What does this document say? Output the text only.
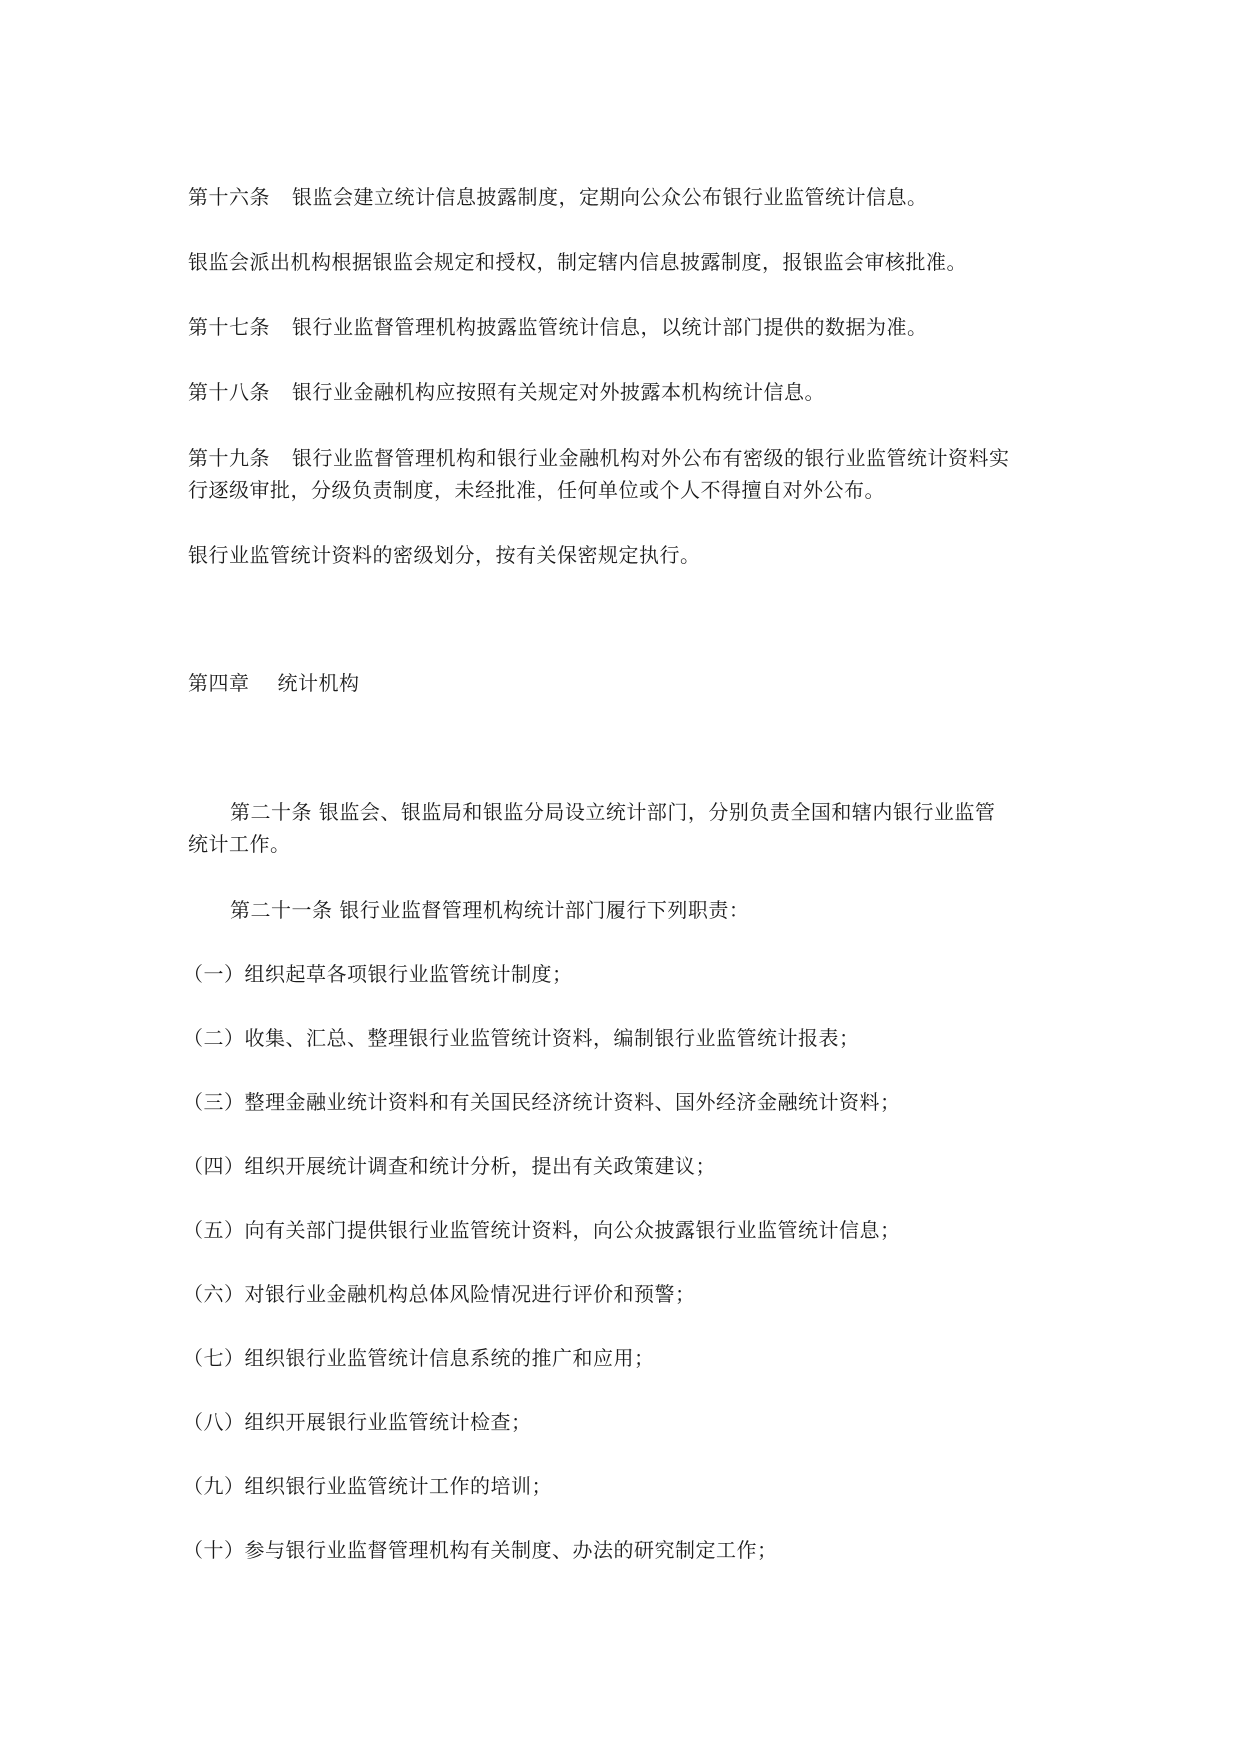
第十六条 银监会建立统计信息披露制度，定期向公众公布银行业监管统计信息。
银监会派出机构根据银监会规定和授权，制定辖内信息披露制度，报银监会审核批准。
第十七条 银行业监督管理机构披露监管统计信息，以统计部门提供的数据为准。
第十八条 银行业金融机构应按照有关规定对外披露本机构统计信息。
第十九条 银行业监督管理机构和银行业金融机构对外公布有密级的银行业监管统计资料实
行逐级审批，分级负责制度，未经批准，任何单位或个人不得擅自对外公布。
银行业监管统计资料的密级划分，按有关保密规定执行。
第四章 统计机构
第二十条 银监会、银监局和银监分局设立统计部门，分别负责全国和辖内银行业监管
统计工作。
第二十一条 银行业监督管理机构统计部门履行下列职责：
（一）组织起草各项银行业监管统计制度；
（二）收集、汇总、整理银行业监管统计资料，编制银行业监管统计报表；
（三）整理金融业统计资料和有关国民经济统计资料、国外经济金融统计资料；
（四）组织开展统计调查和统计分析，提出有关政策建议；
（五）向有关部门提供银行业监管统计资料，向公众披露银行业监管统计信息；
（六）对银行业金融机构总体风险情况进行评价和预警；
（七）组织银行业监管统计信息系统的推广和应用；
（八）组织开展银行业监管统计检查；
（九）组织银行业监管统计工作的培训；
（十）参与银行业监督管理机构有关制度、办法的研究制定工作；
